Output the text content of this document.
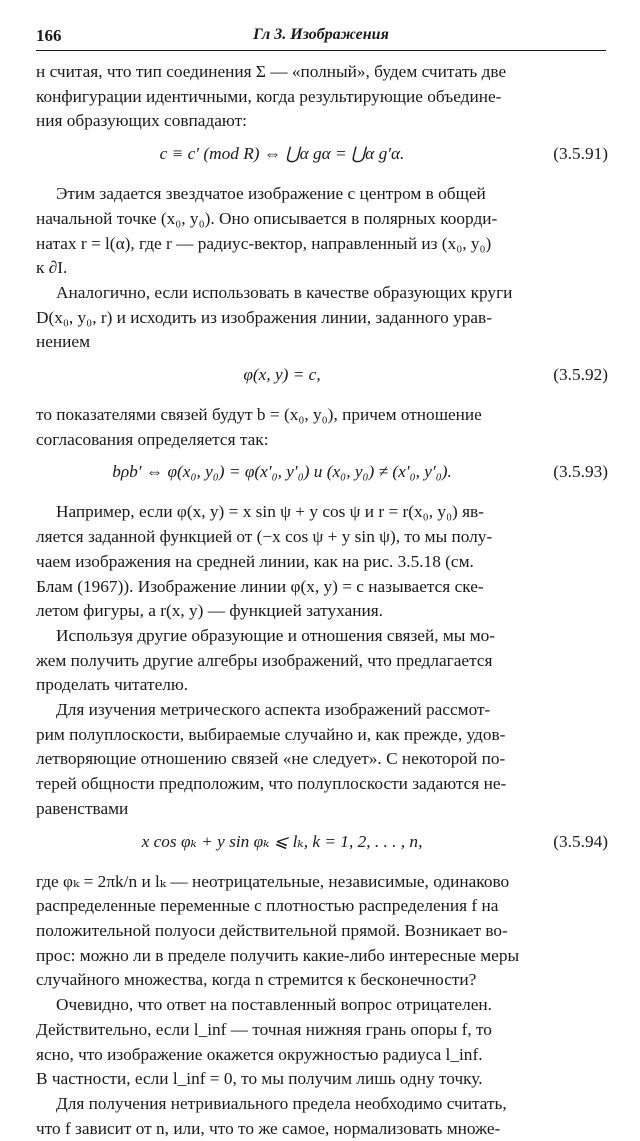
166	Гл 3. Изображения

н считая, что тип соединения Σ — «полный», будем считать две
конфигурации идентичными, когда результирующие объедине-
ния образующих совпадают:

c ≡ c′ (mod R) ⇔ ⋃α gα = ⋃α g′α.	(3.5.91)

Этим задается звездчатое изображение с центром в общей
начальной точке (x₀, y₀). Оно описывается в полярных коорди-
натах r = l(α), где r — радиус-вектор, направленный из (x₀, y₀)
к ∂I.

Аналогично, если использовать в качестве образующих круги
D(x₀, y₀, r) и исходить из изображения линии, заданного урав-
нением

φ(x, y) = c,	(3.5.92)

то показателями связей будут b = (x₀, y₀), причем отношение
согласования определяется так:

bρb′ ⇔ φ(x₀, y₀) = φ(x′₀, y′₀) и (x₀, y₀) ≠ (x′₀, y′₀).	(3.5.93)

Например, если φ(x, y) = x sin ψ + y cos ψ и r = r(x₀, y₀) яв-
ляется заданной функцией от (−x cos ψ + y sin ψ), то мы полу-
чаем изображения на средней линии, как на рис. 3.5.18 (см.
Блам (1967)). Изображение линии φ(x, y) = c называется ске-
летом фигуры, а r(x, y) — функцией затухания.

Используя другие образующие и отношения связей, мы мо-
жем получить другие алгебры изображений, что предлагается
проделать читателю.

Для изучения метрического аспекта изображений рассмот-
рим полуплоскости, выбираемые случайно и, как прежде, удов-
летворяющие отношению связей «не следует». С некоторой по-
терей общности предположим, что полуплоскости задаются не-
равенствами

x cos φₖ + y sin φₖ ⩽ lₖ, k = 1, 2, . . . , n,	(3.5.94)

где φₖ = 2πk/n и lₖ — неотрицательные, независимые, одинаково
распределенные переменные с плотностью распределения f на
положительной полуоси действительной прямой. Возникает во-
прос: можно ли в пределе получить какие-либо интересные меры
случайного множества, когда n стремится к бесконечности?

Очевидно, что ответ на поставленный вопрос отрицателен.
Действительно, если l_inf — точная нижняя грань опоры f, то
ясно, что изображение окажется окружностью радиуса l_inf.
В частности, если l_inf = 0, то мы получим лишь одну точку.

Для получения нетривиального предела необходимо считать,
что f зависит от n, или, что то же самое, нормализовать множе-
